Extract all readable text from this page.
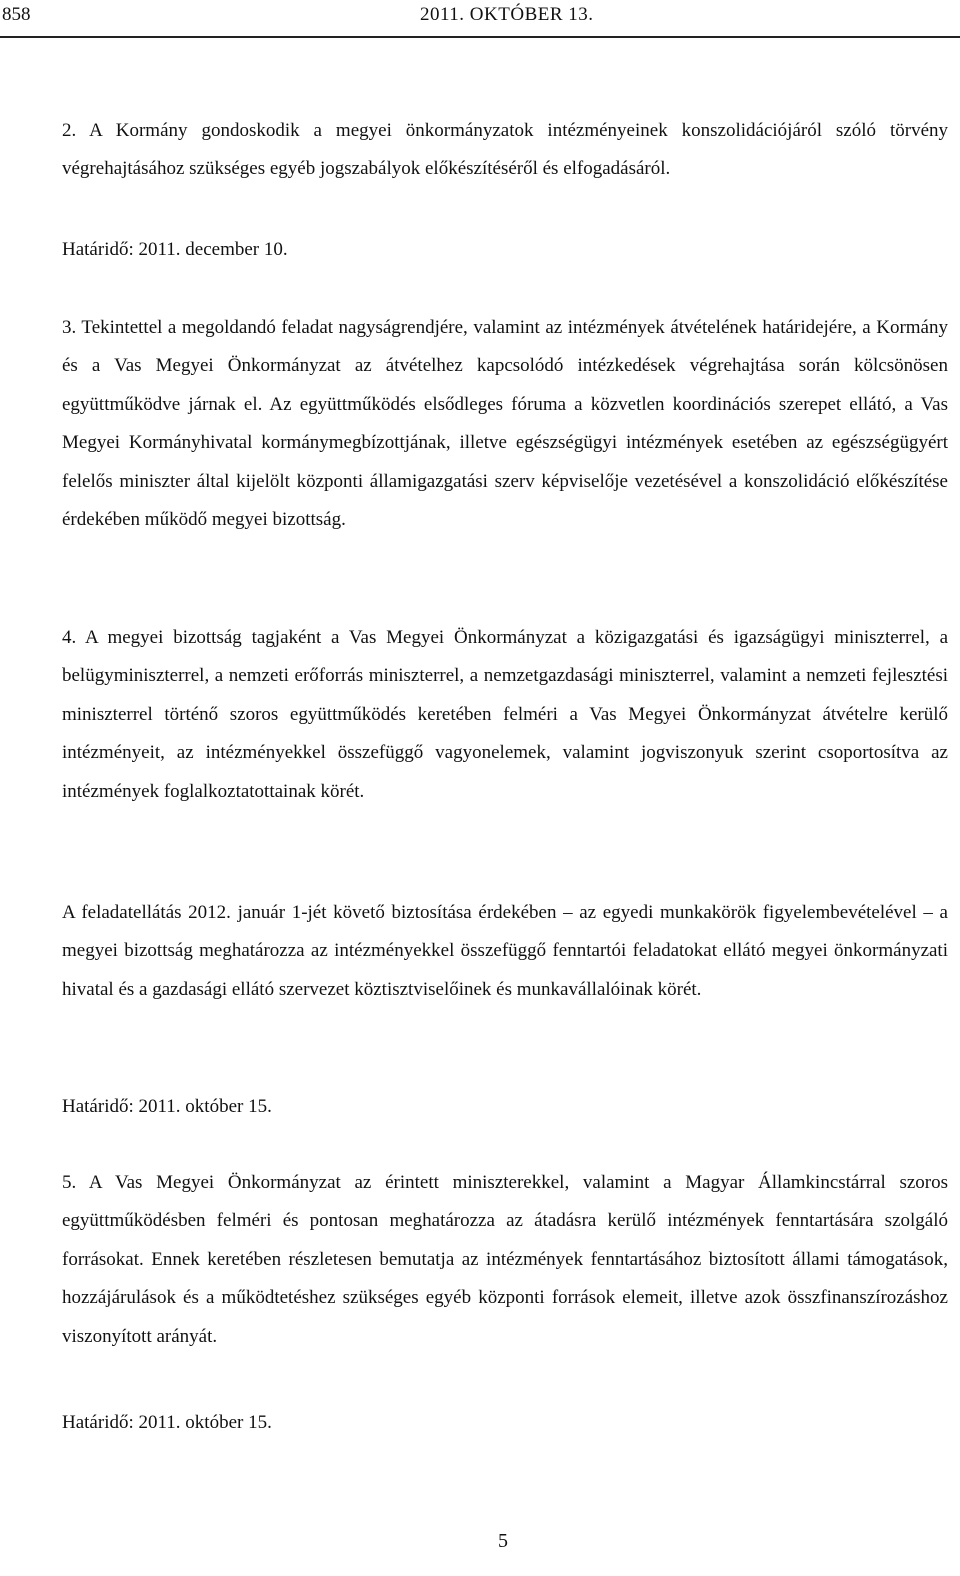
858	2011. OKTÓBER 13.

2. A Kormány gondoskodik a megyei önkormányzatok intézményeinek konszolidációjáról szóló törvény végrehajtásához szükséges egyéb jogszabályok előkészítéséről és elfogadásáról.

Határidő: 2011. december 10.

3. Tekintettel a megoldandó feladat nagyságrendjére, valamint az intézmények átvételének határidejére, a Kormány és a Vas Megyei Önkormányzat az átvételhez kapcsolódó intézkedések végrehajtása során kölcsönösen együttműködve járnak el. Az együttműködés elsődleges fóruma a közvetlen koordinációs szerepet ellátó, a Vas Megyei Kormányhivatal kormánymegbízottjának, illetve egészségügyi intézmények esetében az egészségügyért felelős miniszter által kijelölt központi államigazgatási szerv képviselője vezetésével a konszolidáció előkészítése érdekében működő megyei bizottság.

4. A megyei bizottság tagjaként a Vas Megyei Önkormányzat a közigazgatási és igazságügyi miniszterrel, a belügyminiszterrel, a nemzeti erőforrás miniszterrel, a nemzetgazdasági miniszterrel, valamint a nemzeti fejlesztési miniszterrel történő szoros együttműködés keretében felméri a Vas Megyei Önkormányzat átvételre kerülő intézményeit, az intézményekkel összefüggő vagyonelemek, valamint jogviszonyuk szerint csoportosítva az intézmények foglalkoztatottainak körét.

A feladatellátás 2012. január 1-jét követő biztosítása érdekében – az egyedi munkakörök figyelembevételével – a megyei bizottság meghatározza az intézményekkel összefüggő fenntartói feladatokat ellátó megyei önkormányzati hivatal és a gazdasági ellátó szervezet köztisztviselőinek és munkavállalóinak körét.

Határidő: 2011. október 15.

5. A Vas Megyei Önkormányzat az érintett miniszterekkel, valamint a Magyar Államkincstárral szoros együttműködésben felméri és pontosan meghatározza az átadásra kerülő intézmények fenntartására szolgáló forrásokat. Ennek keretében részletesen bemutatja az intézmények fenntartásához biztosított állami támogatások, hozzájárulások és a működtetéshez szükséges egyéb központi források elemeit, illetve azok összfinanszírozáshoz viszonyított arányát.

Határidő: 2011. október 15.

5
